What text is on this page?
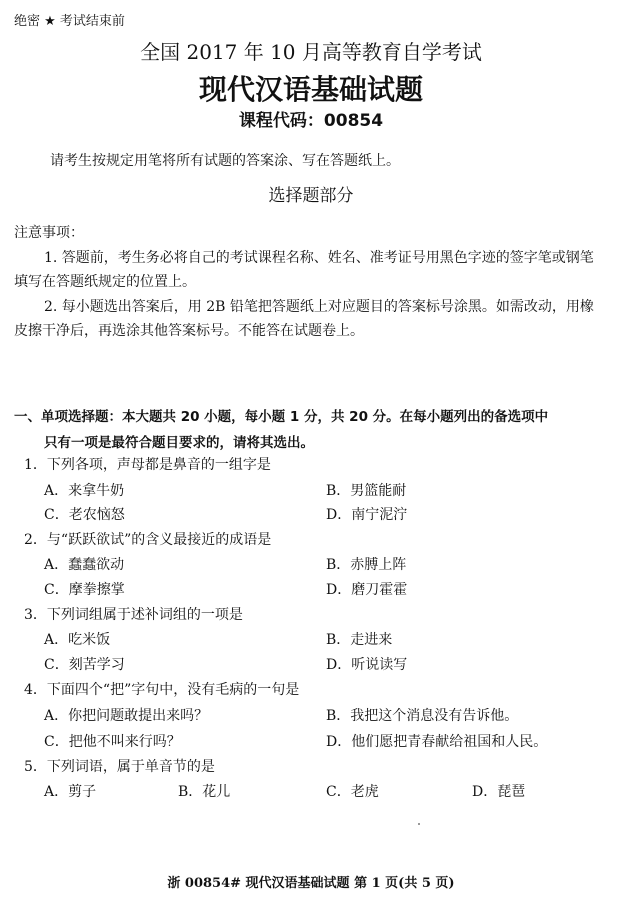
绝密 ★ 考试结束前
全国 2017 年 10 月高等教育自学考试
现代汉语基础试题
课程代码：00854
请考生按规定用笔将所有试题的答案涂、写在答题纸上。
选择题部分
注意事项：
1. 答题前，考生务必将自己的考试课程名称、姓名、准考证号用黑色字迹的签字笔或钢笔
填写在答题纸规定的位置上。
2. 每小题选出答案后，用 2B 铅笔把答题纸上对应题目的答案标号涂黑。如需改动，用橡
皮擦干净后，再选涂其他答案标号。不能答在试题卷上。
一、单项选择题：本大题共 20 小题，每小题 1 分，共 20 分。在每小题列出的备选项中
只有一项是最符合题目要求的，请将其选出。
1．下列各项，声母都是鼻音的一组字是
A．来拿牛奶	B．男篮能耐
C．老农恼怒	D．南宁泥泞
2．与“跃跃欲试”的含义最接近的成语是
A．蠢蠢欲动	B．赤膊上阵
C．摩拳擦掌	D．磨刀霍霍
3．下列词组属于述补词组的一项是
A．吃米饭	B．走进来
C．刻苦学习	D．听说读写
4．下面四个“把”字句中，没有毛病的一句是
A．你把问题敢提出来吗？	B．我把这个消息没有告诉他。
C．把他不叫来行吗？	D．他们愿把青春献给祖国和人民。
5．下列词语，属于单音节的是
A．剪子	B．花儿	C．老虎	D．琵琶
浙 00854# 现代汉语基础试题 第 1 页(共 5 页)
